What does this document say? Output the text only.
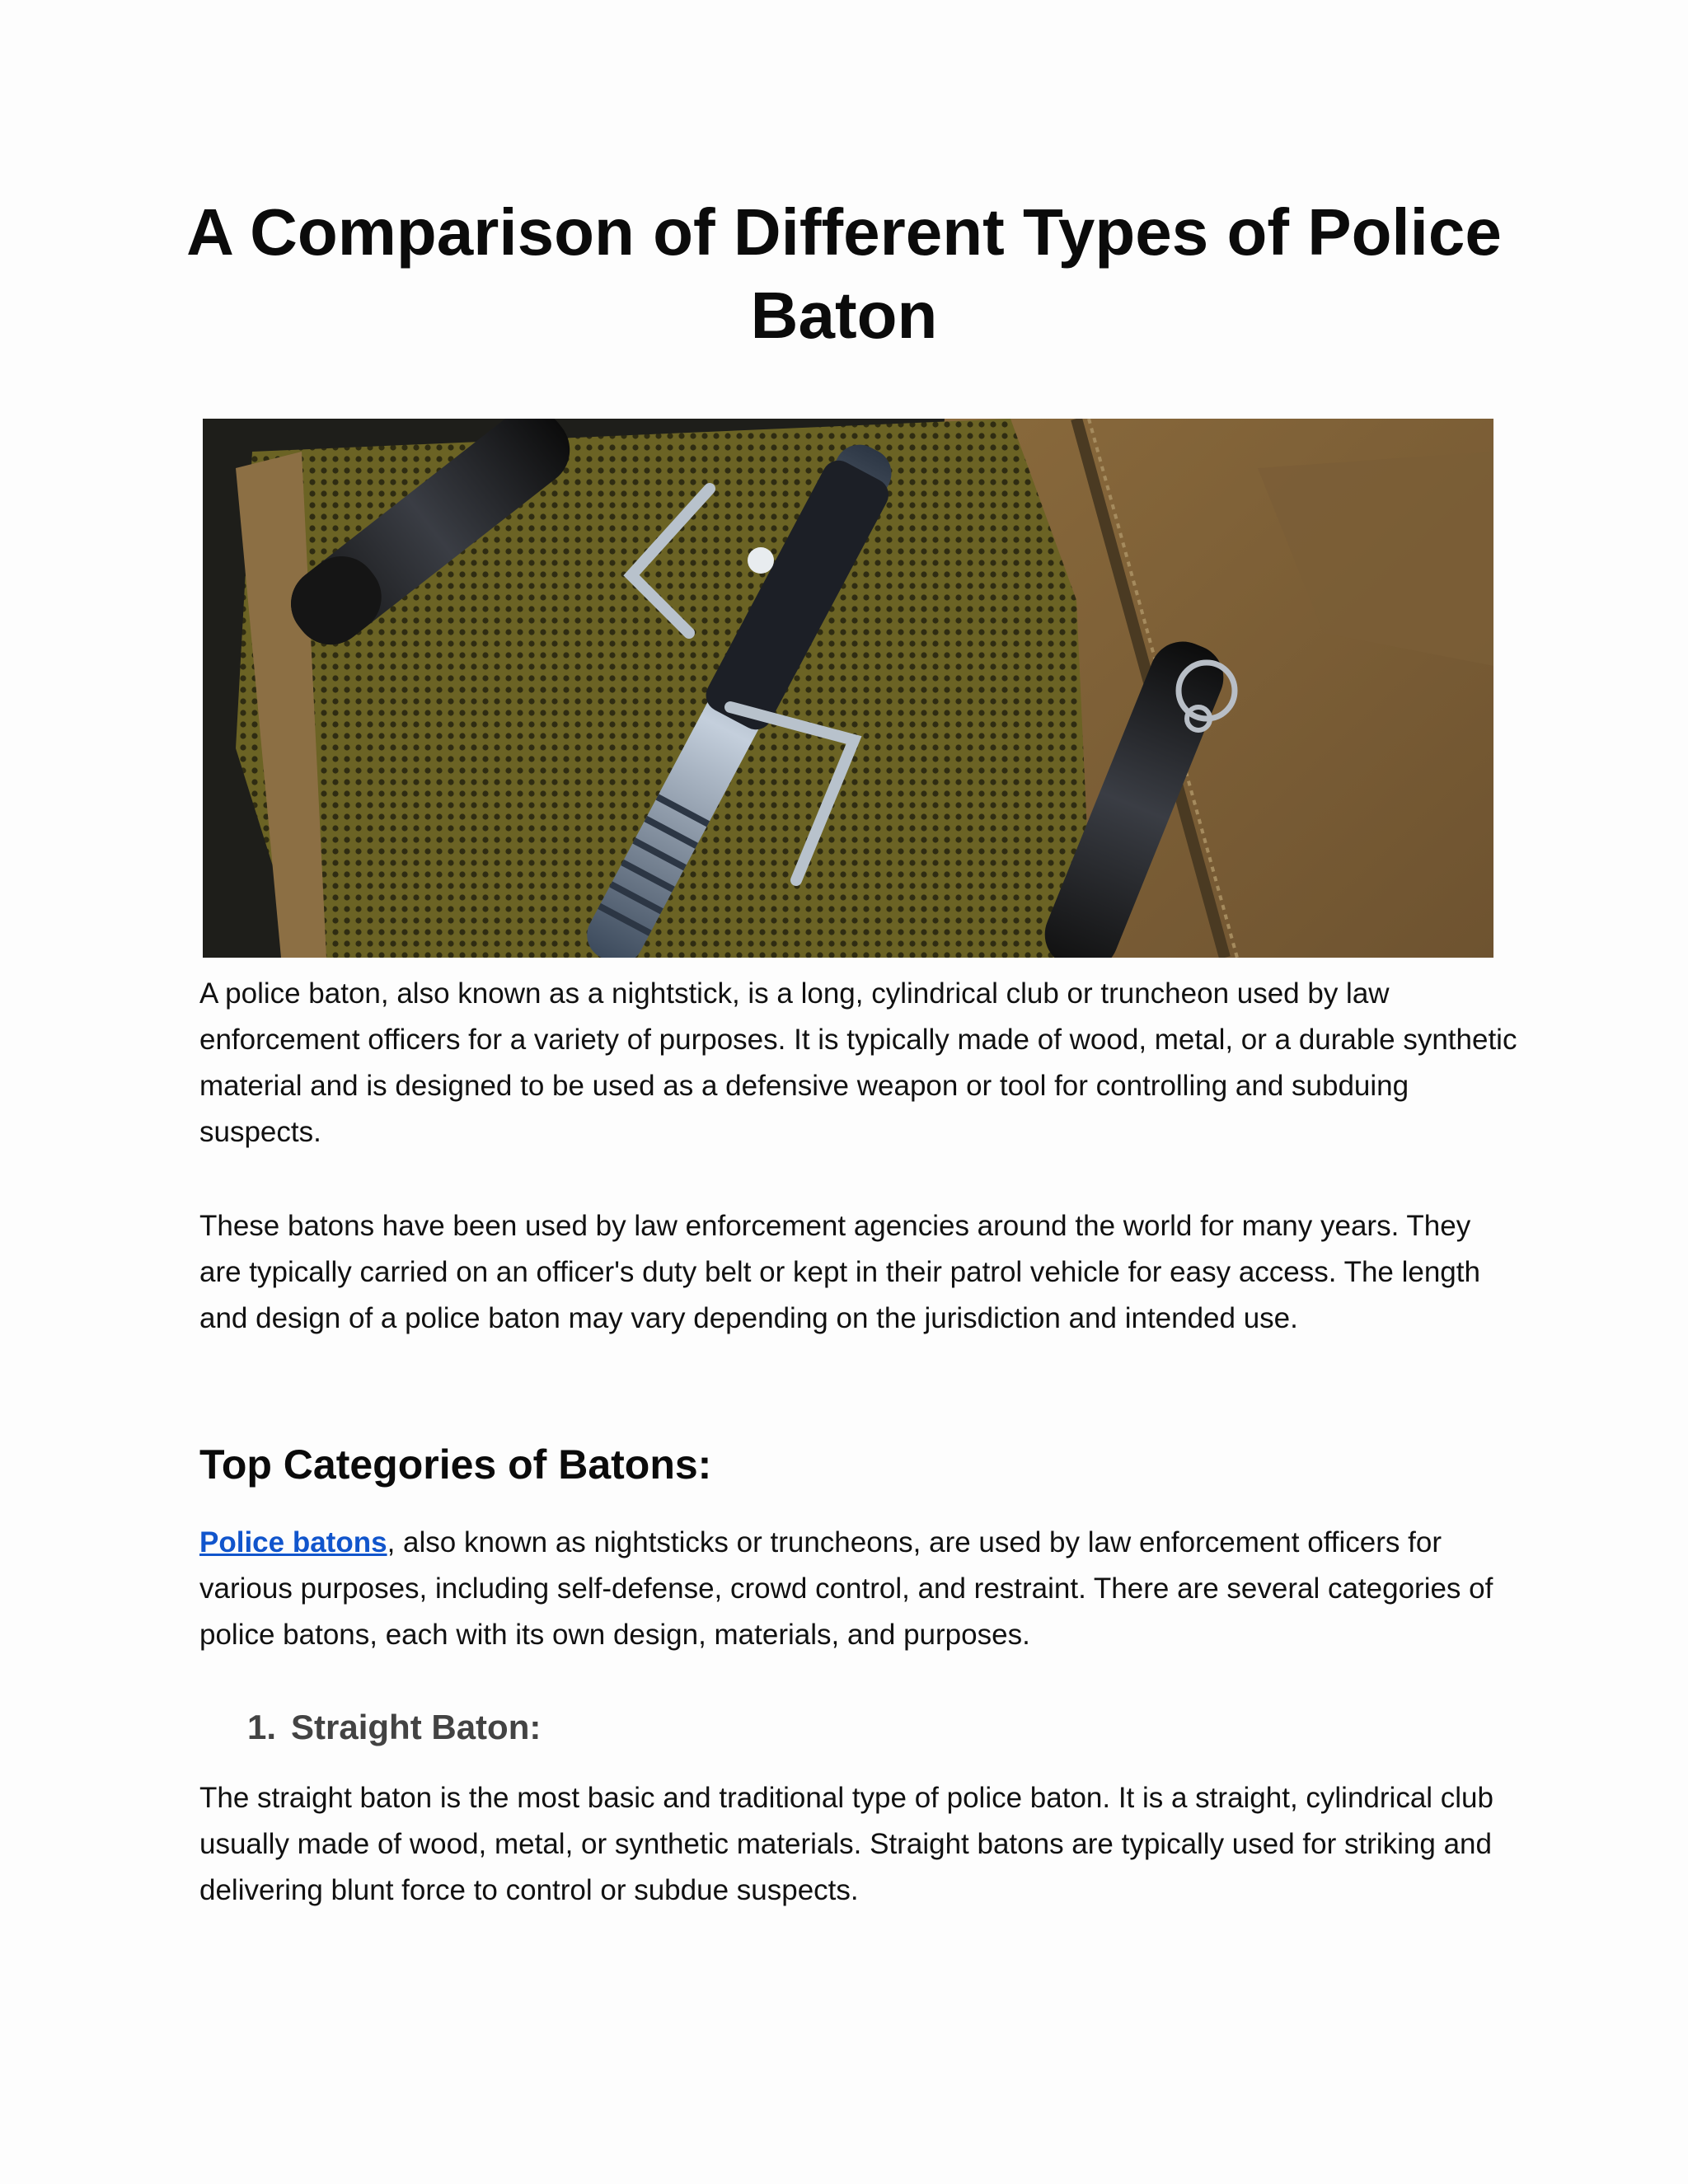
A Comparison of Different Types of Police Baton

A police baton, also known as a nightstick, is a long, cylindrical club or truncheon used by law enforcement officers for a variety of purposes. It is typically made of wood, metal, or a durable synthetic material and is designed to be used as a defensive weapon or tool for controlling and subduing suspects.

These batons have been used by law enforcement agencies around the world for many years. They are typically carried on an officer's duty belt or kept in their patrol vehicle for easy access. The length and design of a police baton may vary depending on the jurisdiction and intended use.

Top Categories of Batons:

Police batons, also known as nightsticks or truncheons, are used by law enforcement officers for various purposes, including self-defense, crowd control, and restraint. There are several categories of police batons, each with its own design, materials, and purposes.

1. Straight Baton:

The straight baton is the most basic and traditional type of police baton. It is a straight, cylindrical club usually made of wood, metal, or synthetic materials. Straight batons are typically used for striking and delivering blunt force to control or subdue suspects.
